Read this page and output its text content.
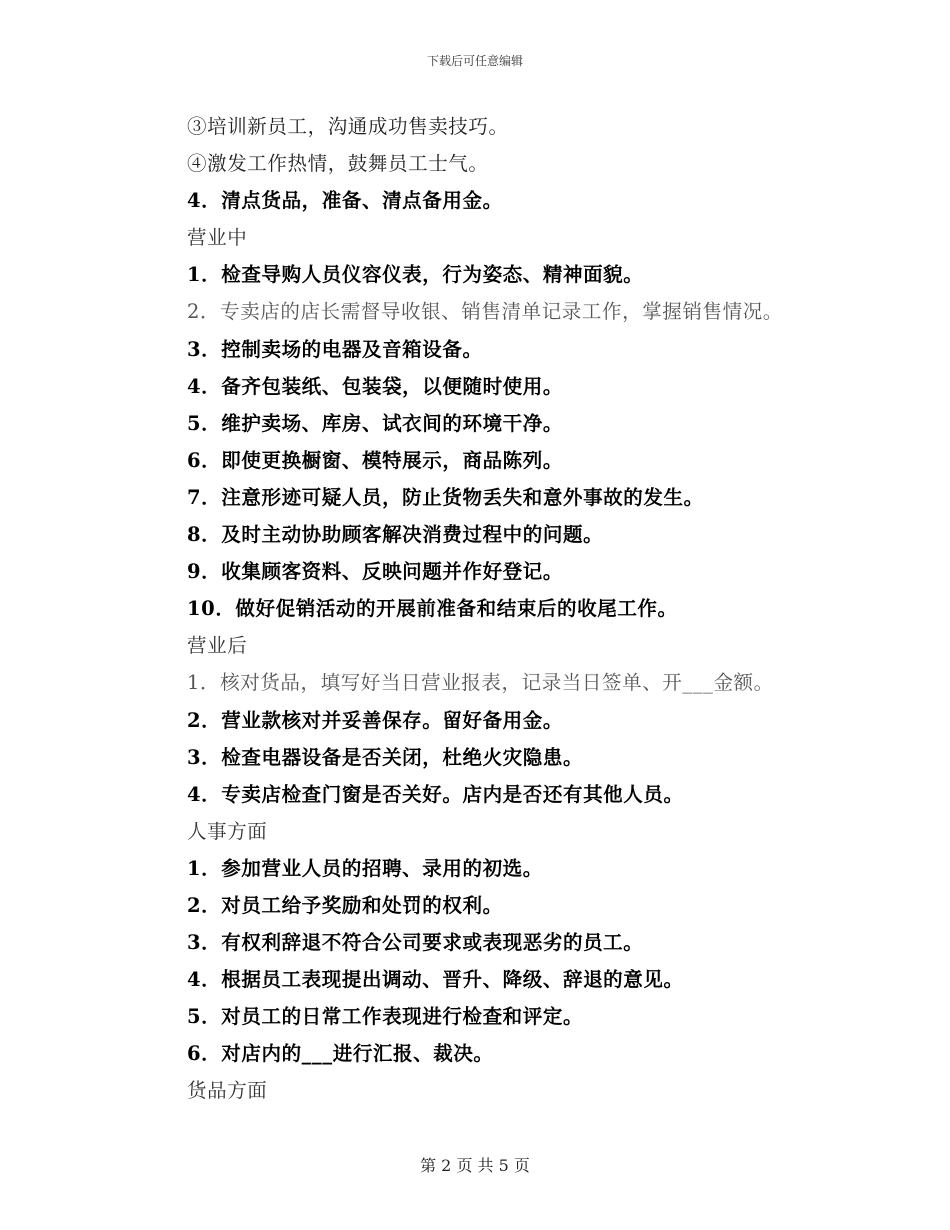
下载后可任意编辑
③培训新员工，沟通成功售卖技巧。
④激发工作热情，鼓舞员工士气。
4．清点货品，准备、清点备用金。
营业中
1．检查导购人员仪容仪表，行为姿态、精神面貌。
2．专卖店的店长需督导收银、销售清单记录工作，掌握销售情况。
3．控制卖场的电器及音箱设备。
4．备齐包装纸、包装袋，以便随时使用。
5．维护卖场、库房、试衣间的环境干净。
6．即使更换橱窗、模特展示，商品陈列。
7．注意形迹可疑人员，防止货物丢失和意外事故的发生。
8．及时主动协助顾客解决消费过程中的问题。
9．收集顾客资料、反映问题并作好登记。
10．做好促销活动的开展前准备和结束后的收尾工作。
营业后
1．核对货品，填写好当日营业报表，记录当日签单、开___金额。
2．营业款核对并妥善保存。留好备用金。
3．检查电器设备是否关闭，杜绝火灾隐患。
4．专卖店检查门窗是否关好。店内是否还有其他人员。
人事方面
1．参加营业人员的招聘、录用的初选。
2．对员工给予奖励和处罚的权利。
3．有权利辞退不符合公司要求或表现恶劣的员工。
4．根据员工表现提出调动、晋升、降级、辞退的意见。
5．对员工的日常工作表现进行检查和评定。
6．对店内的___进行汇报、裁决。
货品方面
第 2 页 共 5 页
